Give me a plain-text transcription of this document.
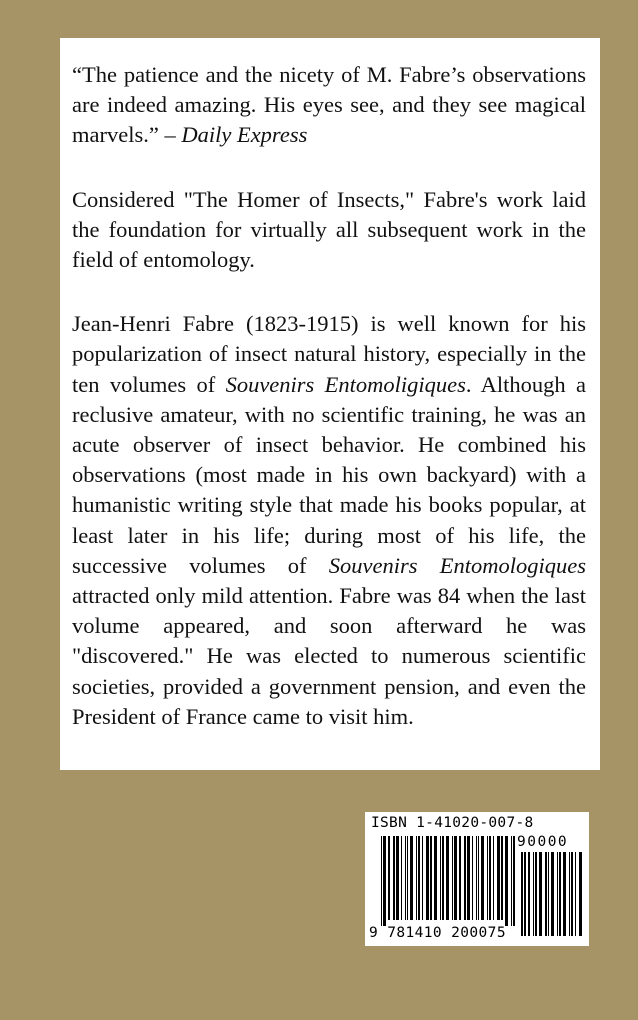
“The patience and the nicety of M. Fabre’s observations are indeed amazing. His eyes see, and they see magical marvels.” – Daily Express

Considered "The Homer of Insects," Fabre's work laid the foundation for virtually all subsequent work in the field of entomology.

Jean-Henri Fabre (1823-1915) is well known for his popularization of insect natural history, especially in the ten volumes of Souvenirs Entomoligiques. Although a reclusive amateur, with no scientific training, he was an acute observer of insect behavior. He combined his observations (most made in his own backyard) with a humanistic writing style that made his books popular, at least later in his life; during most of his life, the successive volumes of Souvenirs Entomologiques attracted only mild attention. Fabre was 84 when the last volume appeared, and soon afterward he was "discovered." He was elected to numerous scientific societies, provided a government pension, and even the President of France came to visit him.

ISBN 1-41020-007-8
90000
9 781410 200075
